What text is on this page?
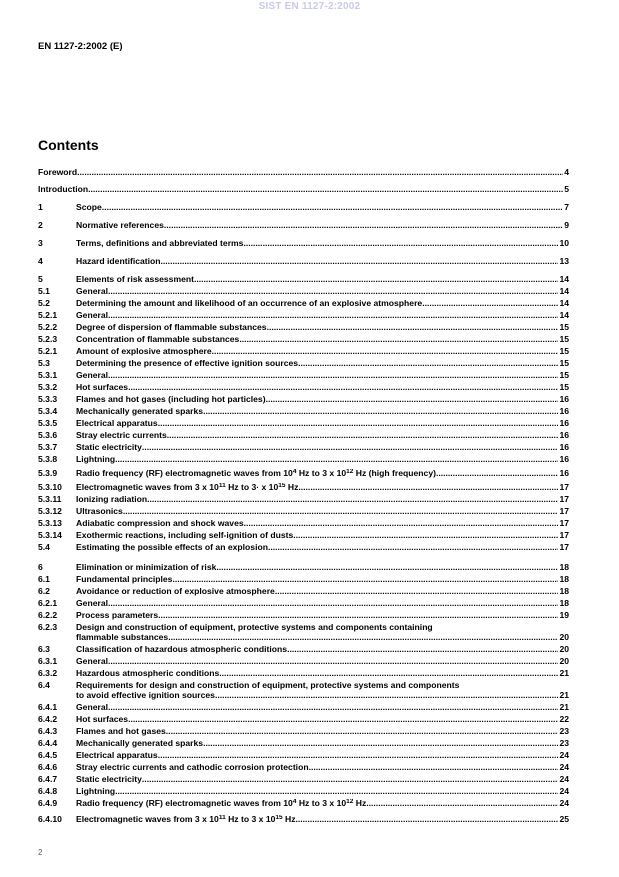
SIST EN 1127-2:2002
EN 1127-2:2002 (E)
Contents
Foreword .....	4
Introduction .....	5
1	Scope .....	7
2	Normative references .....	9
3	Terms, definitions and abbreviated terms .....	10
4	Hazard identification .....	13
5	Elements of risk assessment .....	14
5.1	General .....	14
5.2	Determining the amount and likelihood of an occurrence of an explosive atmosphere .....	14
5.2.1	General .....	14
5.2.2	Degree of dispersion of flammable substances .....	15
5.2.3	Concentration of flammable substances .....	15
5.2.1	Amount of explosive atmosphere .....	15
5.3	Determining the presence of effective ignition sources .....	15
5.3.1	General .....	15
5.3.2	Hot surfaces .....	15
5.3.3	Flames and hot gases (including hot particles) .....	16
5.3.4	Mechanically generated sparks .....	16
5.3.5	Electrical apparatus .....	16
5.3.6	Stray electric currents .....	16
5.3.7	Static electricity .....	16
5.3.8	Lightning .....	16
5.3.9	Radio frequency (RF) electromagnetic waves from $10^4$ Hz to 3 x $10^{12}$ Hz (high frequency) .....	16
5.3.10	Electromagnetic waves from 3 x $10^{11}$ Hz to 3· x $10^{15}$ Hz .....	17
5.3.11	Ionizing radiation .....	17
5.3.12	Ultrasonics .....	17
5.3.13	Adiabatic compression and shock waves .....	17
5.3.14	Exothermic reactions, including self-ignition of dusts .....	17
5.4	Estimating the possible effects of an explosion .....	17
6	Elimination or minimization of risk .....	18
6.1	Fundamental principles .....	18
6.2	Avoidance or reduction of explosive atmosphere .....	18
6.2.1	General .....	18
6.2.2	Process parameters .....	19
6.2.3	Design and construction of equipment, protective systems and components containing
flammable substances .....	20
6.3	Classification of hazardous atmospheric conditions .....	20
6.3.1	General .....	20
6.3.2	Hazardous atmospheric conditions .....	21
6.4	Requirements for design and construction of equipment, protective systems and components
to avoid effective ignition sources .....	21
6.4.1	General .....	21
6.4.2	Hot surfaces .....	22
6.4.3	Flames and hot gases .....	23
6.4.4	Mechanically generated sparks .....	23
6.4.5	Electrical apparatus .....	24
6.4.6	Stray electric currents and cathodic corrosion protection .....	24
6.4.7	Static electricity .....	24
6.4.8	Lightning .....	24
6.4.9	Radio frequency (RF) electromagnetic waves from $10^4$ Hz to 3 x $10^{12}$ Hz .....	24
6.4.10	Electromagnetic waves from 3 x $10^{11}$ Hz to 3 x $10^{15}$ Hz .....	25
2
